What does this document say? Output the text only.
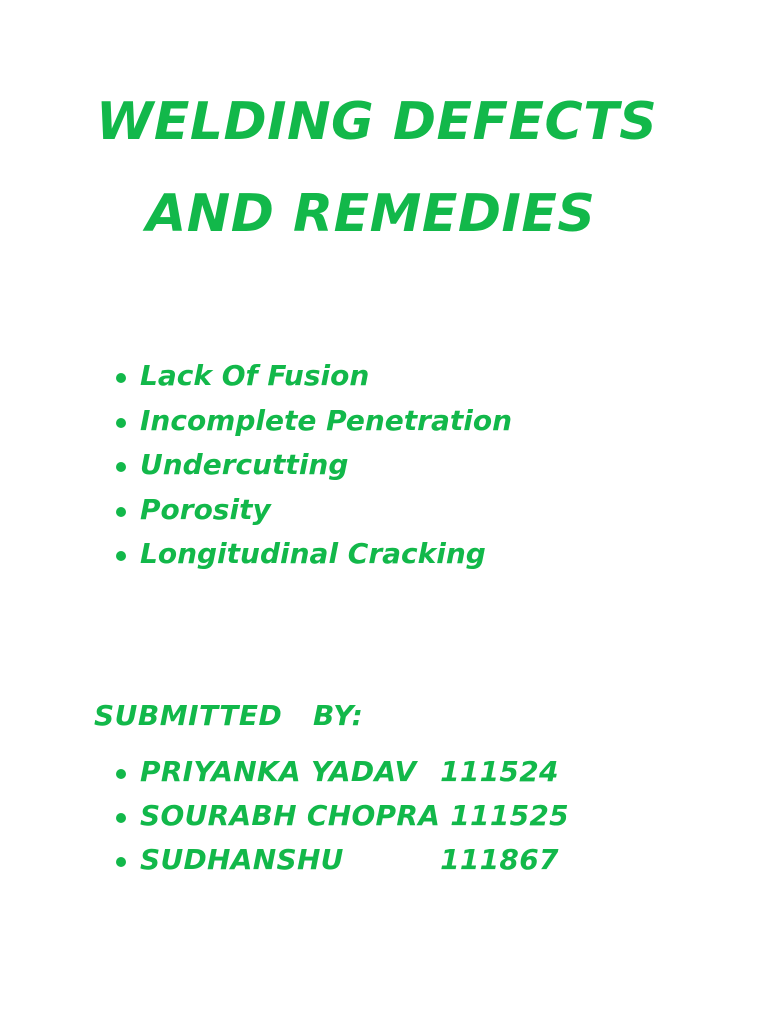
WELDING DEFECTS
AND REMEDIES
Lack Of Fusion
Incomplete Penetration
Undercutting
Porosity
Longitudinal Cracking
SUBMITTED   BY:
PRIYANKA YADAV 111524
SOURABH CHOPRA 111525
SUDHANSHU	111867
